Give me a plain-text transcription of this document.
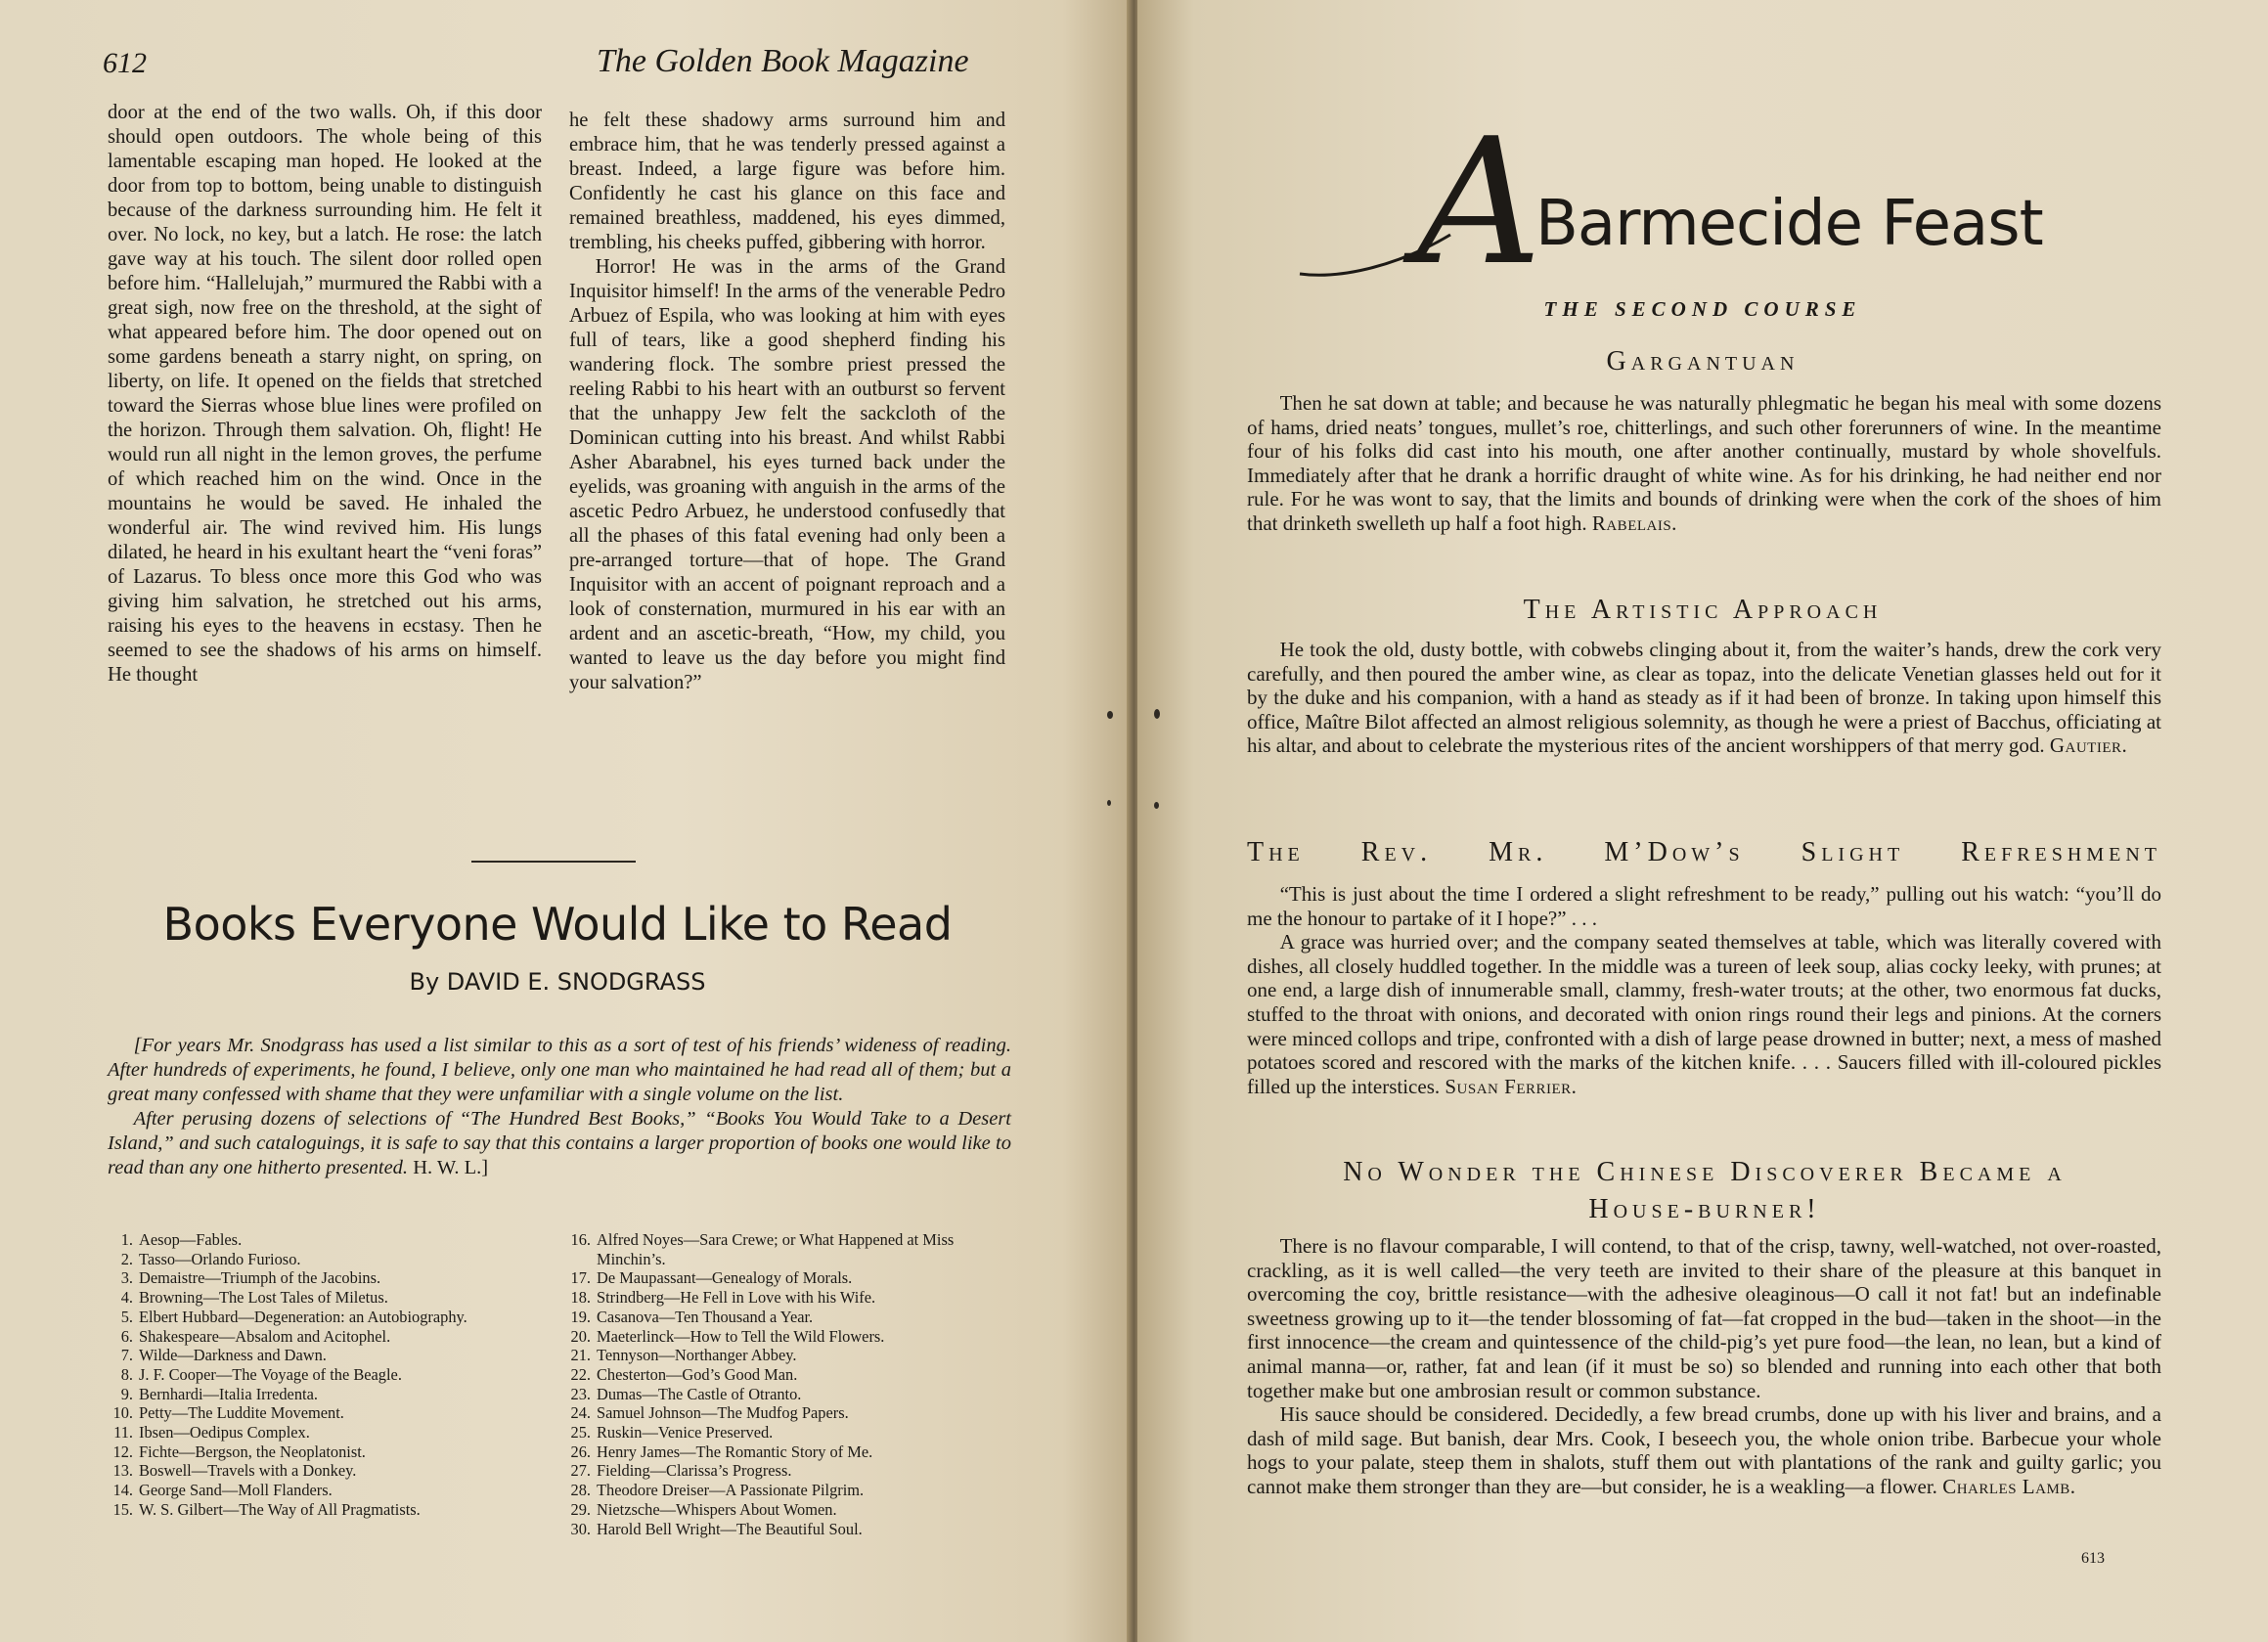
612	The Golden Book Magazine

door at the end of the two walls. Oh, if this door should open outdoors. The whole being of this lamentable escaping man hoped. He looked at the door from top to bottom, being unable to distinguish because of the darkness surrounding him. He felt it over. No lock, no key, but a latch. He rose: the latch gave way at his touch. The silent door rolled open before him. “Hallelujah,” murmured the Rabbi with a great sigh, now free on the threshold, at the sight of what appeared before him. The door opened out on some gardens beneath a starry night, on spring, on liberty, on life. It opened on the fields that stretched toward the Sierras whose blue lines were profiled on the horizon. Through them salvation. Oh, flight! He would run all night in the lemon groves, the perfume of which reached him on the wind. Once in the mountains he would be saved. He inhaled the wonderful air. The wind revived him. His lungs dilated, he heard in his exultant heart the “veni foras” of Lazarus. To bless once more this God who was giving him salvation, he stretched out his arms, raising his eyes to the heavens in ecstasy. Then he seemed to see the shadows of his arms on himself. He thought

he felt these shadowy arms surround him and embrace him, that he was tenderly pressed against a breast. Indeed, a large figure was before him. Confidently he cast his glance on this face and remained breathless, maddened, his eyes dimmed, trembling, his cheeks puffed, gibbering with horror.

Horror! He was in the arms of the Grand Inquisitor himself! In the arms of the venerable Pedro Arbuez of Espila, who was looking at him with eyes full of tears, like a good shepherd finding his wandering flock. The sombre priest pressed the reeling Rabbi to his heart with an outburst so fervent that the unhappy Jew felt the sackcloth of the Dominican cutting into his breast. And whilst Rabbi Asher Abarabnel, his eyes turned back under the eyelids, was groaning with anguish in the arms of the ascetic Pedro Arbuez, he understood confusedly that all the phases of this fatal evening had only been a pre-arranged torture—that of hope. The Grand Inquisitor with an accent of poignant reproach and a look of consternation, murmured in his ear with an ardent and an ascetic-breath, “How, my child, you wanted to leave us the day before you might find your salvation?”

Books Everyone Would Like to Read
By DAVID E. SNODGRASS

[For years Mr. Snodgrass has used a list similar to this as a sort of test of his friends’ wideness of reading. After hundreds of experiments, he found, I believe, only one man who maintained he had read all of them; but a great many confessed with shame that they were unfamiliar with a single volume on the list.

After perusing dozens of selections of “The Hundred Best Books,” “Books You Would Take to a Desert Island,” and such cataloguings, it is safe to say that this contains a larger proportion of books one would like to read than any one hitherto presented. H. W. L.]

1. Aesop—Fables.
2. Tasso—Orlando Furioso.
3. Demaistre—Triumph of the Jacobins.
4. Browning—The Lost Tales of Miletus.
5. Elbert Hubbard—Degeneration: an Autobiography.
6. Shakespeare—Absalom and Acitophel.
7. Wilde—Darkness and Dawn.
8. J. F. Cooper—The Voyage of the Beagle.
9. Bernhardi—Italia Irredenta.
10. Petty—The Luddite Movement.
11. Ibsen—Oedipus Complex.
12. Fichte—Bergson, the Neoplatonist.
13. Boswell—Travels with a Donkey.
14. George Sand—Moll Flanders.
15. W. S. Gilbert—The Way of All Pragmatists.
16. Alfred Noyes—Sara Crewe; or What Happened at Miss Minchin’s.
17. De Maupassant—Genealogy of Morals.
18. Strindberg—He Fell in Love with his Wife.
19. Casanova—Ten Thousand a Year.
20. Maeterlinck—How to Tell the Wild Flowers.
21. Tennyson—Northanger Abbey.
22. Chesterton—God’s Good Man.
23. Dumas—The Castle of Otranto.
24. Samuel Johnson—The Mudfog Papers.
25. Ruskin—Venice Preserved.
26. Henry James—The Romantic Story of Me.
27. Fielding—Clarissa’s Progress.
28. Theodore Dreiser—A Passionate Pilgrim.
29. Nietzsche—Whispers About Women.
30. Harold Bell Wright—The Beautiful Soul.
A
Barmecide Feast
THE SECOND COURSE
Gargantuan

Then he sat down at table; and because he was naturally phlegmatic he began his meal with some dozens of hams, dried neats’ tongues, mullet’s roe, chitterlings, and such other forerunners of wine. In the meantime four of his folks did cast into his mouth, one after another continually, mustard by whole shovelfuls. Immediately after that he drank a horrific draught of white wine. As for his drinking, he had neither end nor rule. For he was wont to say, that the limits and bounds of drinking were when the cork of the shoes of him that drinketh swelleth up half a foot high. Rabelais.

The Artistic Approach

He took the old, dusty bottle, with cobwebs clinging about it, from the waiter’s hands, drew the cork very carefully, and then poured the amber wine, as clear as topaz, into the delicate Venetian glasses held out for it by the duke and his companion, with a hand as steady as if it had been of bronze. In taking upon himself this office, Maître Bilot affected an almost religious solemnity, as though he were a priest of Bacchus, officiating at his altar, and about to celebrate the mysterious rites of the ancient worshippers of that merry god. Gautier.

The Rev. Mr. M’Dow’s Slight Refreshment

“This is just about the time I ordered a slight refreshment to be ready,” pulling out his watch: “you’ll do me the honour to partake of it I hope?” . . .

A grace was hurried over; and the company seated themselves at table, which was literally covered with dishes, all closely huddled together. In the middle was a tureen of leek soup, alias cocky leeky, with prunes; at one end, a large dish of innumerable small, clammy, fresh-water trouts; at the other, two enormous fat ducks, stuffed to the throat with onions, and decorated with onion rings round their legs and pinions. At the corners were minced collops and tripe, confronted with a dish of large pease drowned in butter; next, a mess of mashed potatoes scored and rescored with the marks of the kitchen knife. . . . Saucers filled with ill-coloured pickles filled up the interstices. Susan Ferrier.

No Wonder the Chinese Discoverer Became a House-burner!

There is no flavour comparable, I will contend, to that of the crisp, tawny, well-watched, not over-roasted, crackling, as it is well called—the very teeth are invited to their share of the pleasure at this banquet in overcoming the coy, brittle resistance—with the adhesive oleaginous—O call it not fat! but an indefinable sweetness growing up to it—the tender blossoming of fat—fat cropped in the bud—taken in the shoot—in the first innocence—the cream and quintessence of the child-pig’s yet pure food—the lean, no lean, but a kind of animal manna—or, rather, fat and lean (if it must be so) so blended and running into each other that both together make but one ambrosian result or common substance.

His sauce should be considered. Decidedly, a few bread crumbs, done up with his liver and brains, and a dash of mild sage. But banish, dear Mrs. Cook, I beseech you, the whole onion tribe. Barbecue your whole hogs to your palate, steep them in shalots, stuff them out with plantations of the rank and guilty garlic; you cannot make them stronger than they are—but consider, he is a weakling—a flower. Charles Lamb.

613
